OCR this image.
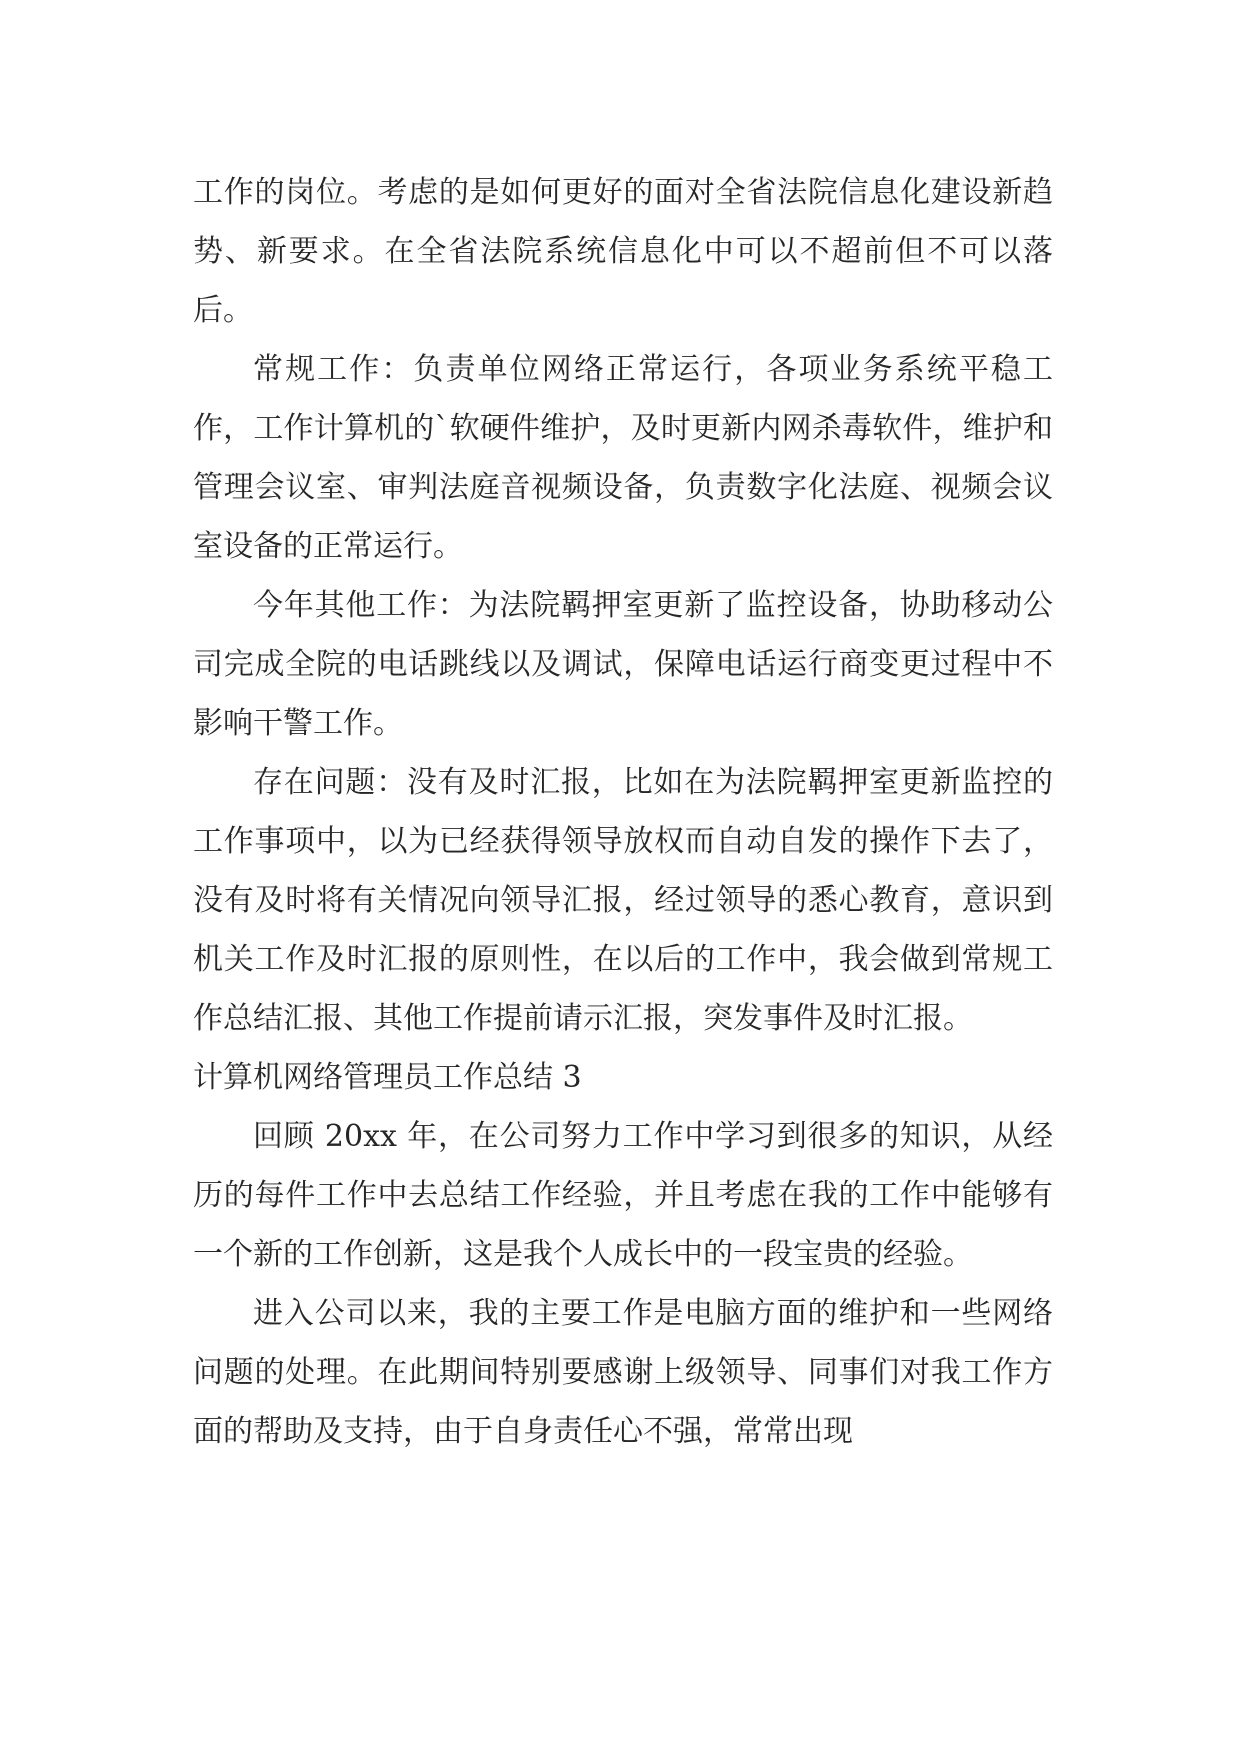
工作的岗位。考虑的是如何更好的面对全省法院信息化建设新趋势、新要求。在全省法院系统信息化中可以不超前但不可以落后。

常规工作：负责单位网络正常运行，各项业务系统平稳工作，工作计算机的`软硬件维护，及时更新内网杀毒软件，维护和管理会议室、审判法庭音视频设备，负责数字化法庭、视频会议室设备的正常运行。

今年其他工作：为法院羁押室更新了监控设备，协助移动公司完成全院的电话跳线以及调试，保障电话运行商变更过程中不影响干警工作。

存在问题：没有及时汇报，比如在为法院羁押室更新监控的工作事项中，以为已经获得领导放权而自动自发的操作下去了，没有及时将有关情况向领导汇报，经过领导的悉心教育，意识到机关工作及时汇报的原则性，在以后的工作中，我会做到常规工作总结汇报、其他工作提前请示汇报，突发事件及时汇报。

计算机网络管理员工作总结 3

回顾 20xx 年，在公司努力工作中学习到很多的知识，从经历的每件工作中去总结工作经验，并且考虑在我的工作中能够有一个新的工作创新，这是我个人成长中的一段宝贵的经验。

进入公司以来，我的主要工作是电脑方面的维护和一些网络问题的处理。在此期间特别要感谢上级领导、同事们对我工作方面的帮助及支持，由于自身责任心不强，常常出现
